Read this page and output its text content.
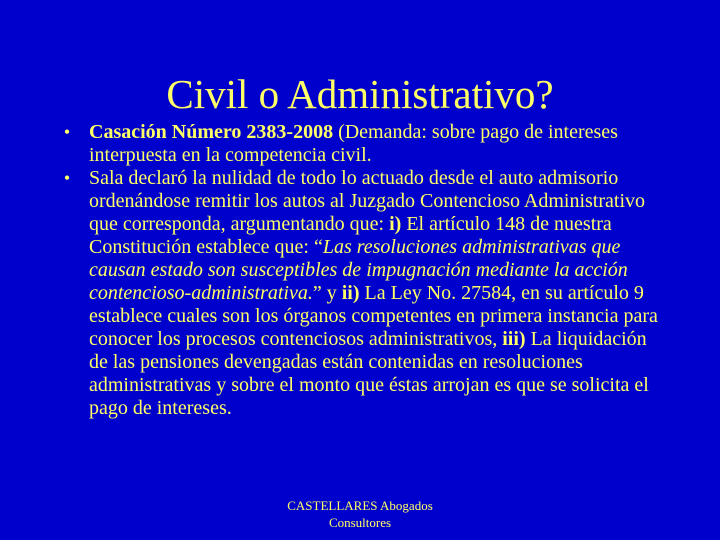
Civil o Administrativo?
• Casación Número 2383-2008 (Demanda: sobre pago de intereses interpuesta en la competencia civil.
• Sala declaró la nulidad de todo lo actuado desde el auto admisorio ordenándose remitir los autos al Juzgado Contencioso Administrativo que corresponda, argumentando que: i) El artículo 148 de nuestra Constitución establece que: “Las resoluciones administrativas que causan estado son susceptibles de impugnación mediante la acción contencioso-administrativa.” y ii) La Ley No. 27584, en su artículo 9 establece cuales son los órganos competentes en primera instancia para conocer los procesos contenciosos administrativos, iii) La liquidación de las pensiones devengadas están contenidas en resoluciones administrativas y sobre el monto que éstas arrojan es que se solicita el pago de intereses.
CASTELLARES Abogados
Consultores
